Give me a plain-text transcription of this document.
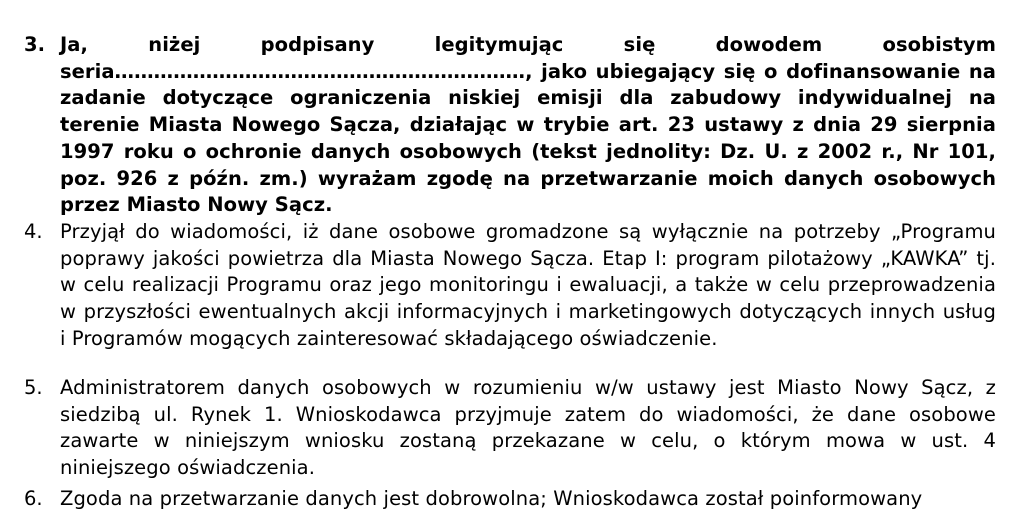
3. Ja, niżej podpisany legitymując się dowodem osobistym seria………………………………………………………, jako ubiegający się o dofinansowanie na zadanie dotyczące ograniczenia niskiej emisji dla zabudowy indywidualnej na terenie Miasta Nowego Sącza, działając w trybie art. 23 ustawy z dnia 29 sierpnia 1997 roku o ochronie danych osobowych (tekst jednolity: Dz. U. z 2002 r., Nr 101, poz. 926 z późn. zm.) wyrażam zgodę na przetwarzanie moich danych osobowych przez Miasto Nowy Sącz.
4. Przyjął do wiadomości, iż dane osobowe gromadzone są wyłącznie na potrzeby „Programu poprawy jakości powietrza dla Miasta Nowego Sącza. Etap I: program pilotażowy „KAWKA” tj. w celu realizacji Programu oraz jego monitoringu i ewaluacji, a także w celu przeprowadzenia w przyszłości ewentualnych akcji informacyjnych i marketingowych dotyczących innych usług i Programów mogących zainteresować składającego oświadczenie.
5. Administratorem danych osobowych w rozumieniu w/w ustawy jest Miasto Nowy Sącz, z siedzibą ul. Rynek 1. Wnioskodawca przyjmuje zatem do wiadomości, że dane osobowe zawarte w niniejszym wniosku zostaną przekazane w celu, o którym mowa w ust. 4 niniejszego oświadczenia.
6. Zgoda na przetwarzanie danych jest dobrowolna; Wnioskodawca został poinformowany
